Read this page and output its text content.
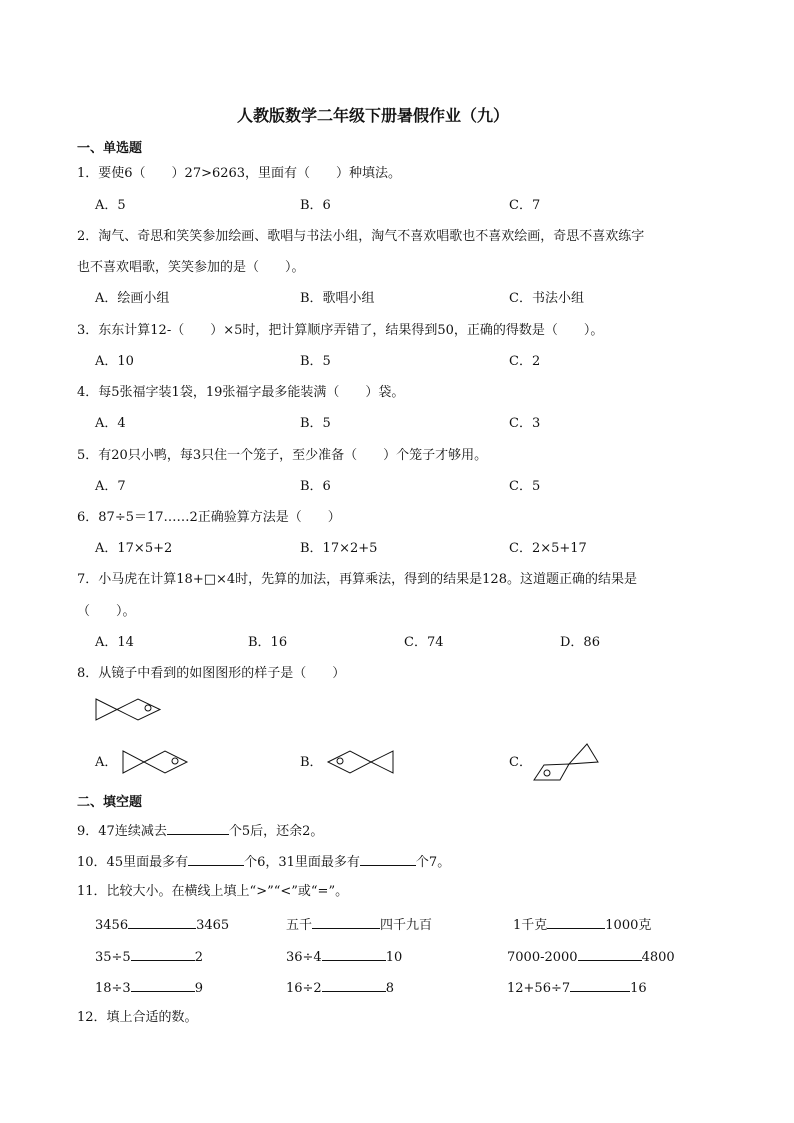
人教版数学二年级下册暑假作业（九）
一、单选题
1．要使6（　　）27>6263，里面有（　　）种填法。
A．5	B．6	C．7
2．淘气、奇思和笑笑参加绘画、歌唱与书法小组，淘气不喜欢唱歌也不喜欢绘画，奇思不喜欢练字
也不喜欢唱歌，笑笑参加的是（　　）。
A．绘画小组	B．歌唱小组	C．书法小组
3．东东计算12-（　　）×5时，把计算顺序弄错了，结果得到50，正确的得数是（　　）。
A．10	B．5	C．2
4．每5张福字装1袋，19张福字最多能装满（　　）袋。
A．4	B．5	C．3
5．有20只小鸭，每3只住一个笼子，至少准备（　　）个笼子才够用。
A．7	B．6	C．5
6．87÷5＝17……2正确验算方法是（　　）
A．17×5+2	B．17×2+5	C．2×5+17
7．小马虎在计算18+□×4时，先算的加法，再算乘法，得到的结果是128。这道题正确的结果是
（　　）。
A．14	B．16	C．74	D．86
8．从镜子中看到的如图图形的样子是（　　）
A．	B．	C．
二、填空题
9．47连续减去	个5后，还余2。
10．45里面最多有	个6，31里面最多有	个7。
11．比较大小。在横线上填上“>”“<”或“=”。
3456	3465	五千	四千九百	1千克	1000克
35÷5	2	36÷4	10	7000-2000	4800
18÷3	9	16÷2	8	12+56÷7	16
12．填上合适的数。
